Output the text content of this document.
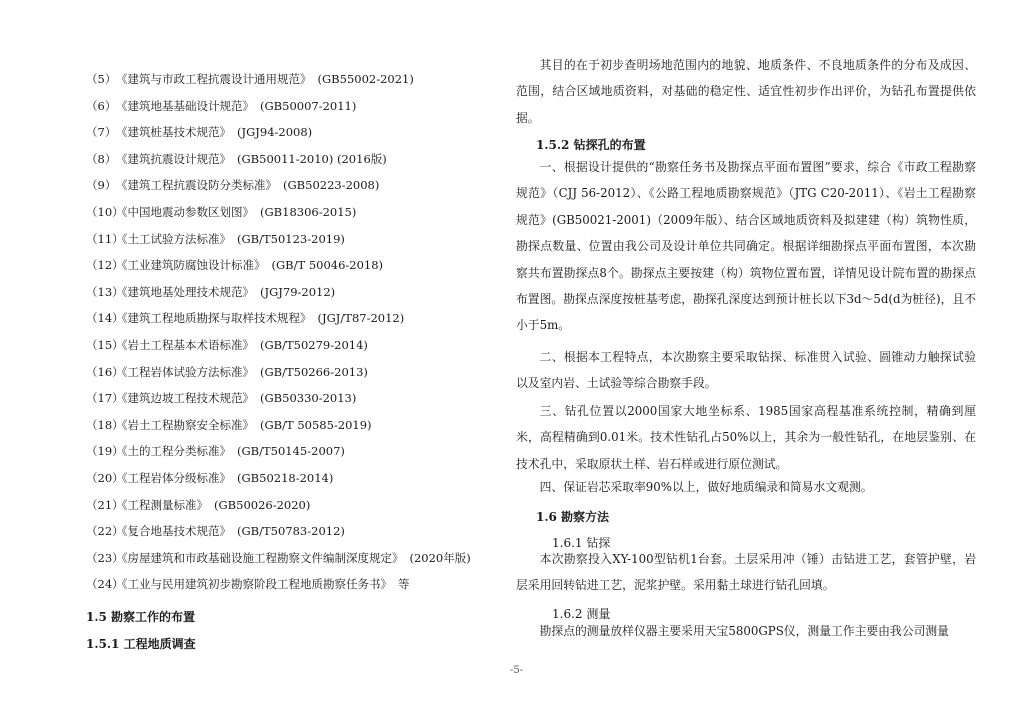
（5）《建筑与市政工程抗震设计通用规范》 (GB55002-2021)
（6）《建筑地基基础设计规范》 (GB50007-2011)
（7）《建筑桩基技术规范》 (JGJ94-2008)
（8）《建筑抗震设计规范》 (GB50011-2010) (2016版)
（9）《建筑工程抗震设防分类标准》 (GB50223-2008)
（10）《中国地震动参数区划图》 (GB18306-2015)
（11）《土工试验方法标准》 (GB/T50123-2019)
（12）《工业建筑防腐蚀设计标准》 (GB/T 50046-2018)
（13）《建筑地基处理技术规范》 (JGJ79-2012)
（14）《建筑工程地质勘探与取样技术规程》 (JGJ/T87-2012)
（15）《岩土工程基本术语标准》 (GB/T50279-2014)
（16）《工程岩体试验方法标准》 (GB/T50266-2013)
（17）《建筑边坡工程技术规范》 (GB50330-2013)
（18）《岩土工程勘察安全标准》 (GB/T 50585-2019)
（19）《土的工程分类标准》 (GB/T50145-2007)
（20）《工程岩体分级标准》 (GB50218-2014)
（21）《工程测量标准》 (GB50026-2020)
（22）《复合地基技术规范》 (GB/T50783-2012)
（23）《房屋建筑和市政基础设施工程勘察文件编制深度规定》 (2020年版)
（24）《工业与民用建筑初步勘察阶段工程地质勘察任务书》 等
1.5 勘察工作的布置
1.5.1 工程地质调查

其目的在于初步查明场地范围内的地貌、地质条件、不良地质条件的分布及成因、范围，结合区域地质资料，对基础的稳定性、适宜性初步作出评价，为钻孔布置提供依据。

1.5.2 钻探孔的布置

一、根据设计提供的“勘察任务书及勘探点平面布置图”要求，综合《市政工程勘察规范》（CJJ 56-2012）、《公路工程地质勘察规范》（JTG C20-2011）、《岩土工程勘察规范》(GB50021-2001)（2009年版）、结合区域地质资料及拟建建（构）筑物性质，勘探点数量、位置由我公司及设计单位共同确定。根据详细勘探点平面布置图，本次勘察共布置勘探点8个。勘探点主要按建（构）筑物位置布置，详情见设计院布置的勘探点布置图。勘探点深度按桩基考虑，勘探孔深度达到预计桩长以下3d～5d(d为桩径)，且不小于5m。

二、根据本工程特点，本次勘察主要采取钻探、标准贯入试验、圆锥动力触探试验以及室内岩、土试验等综合勘察手段。

三、钻孔位置以2000国家大地坐标系、1985国家高程基准系统控制，精确到厘米，高程精确到0.01米。技术性钻孔占50%以上，其余为一般性钻孔，在地层鉴别、在技术孔中，采取原状土样、岩石样或进行原位测试。

四、保证岩芯采取率90%以上，做好地质编录和简易水文观测。

1.6 勘察方法
1.6.1 钻探

本次勘察投入XY-100型钻机1台套。土层采用冲（锤）击钻进工艺，套管护壁，岩层采用回转钻进工艺，泥浆护壁。采用黏土球进行钻孔回填。

1.6.2 测量

勘探点的测量放样仪器主要采用天宝5800GPS仪，测量工作主要由我公司测量

-5-
